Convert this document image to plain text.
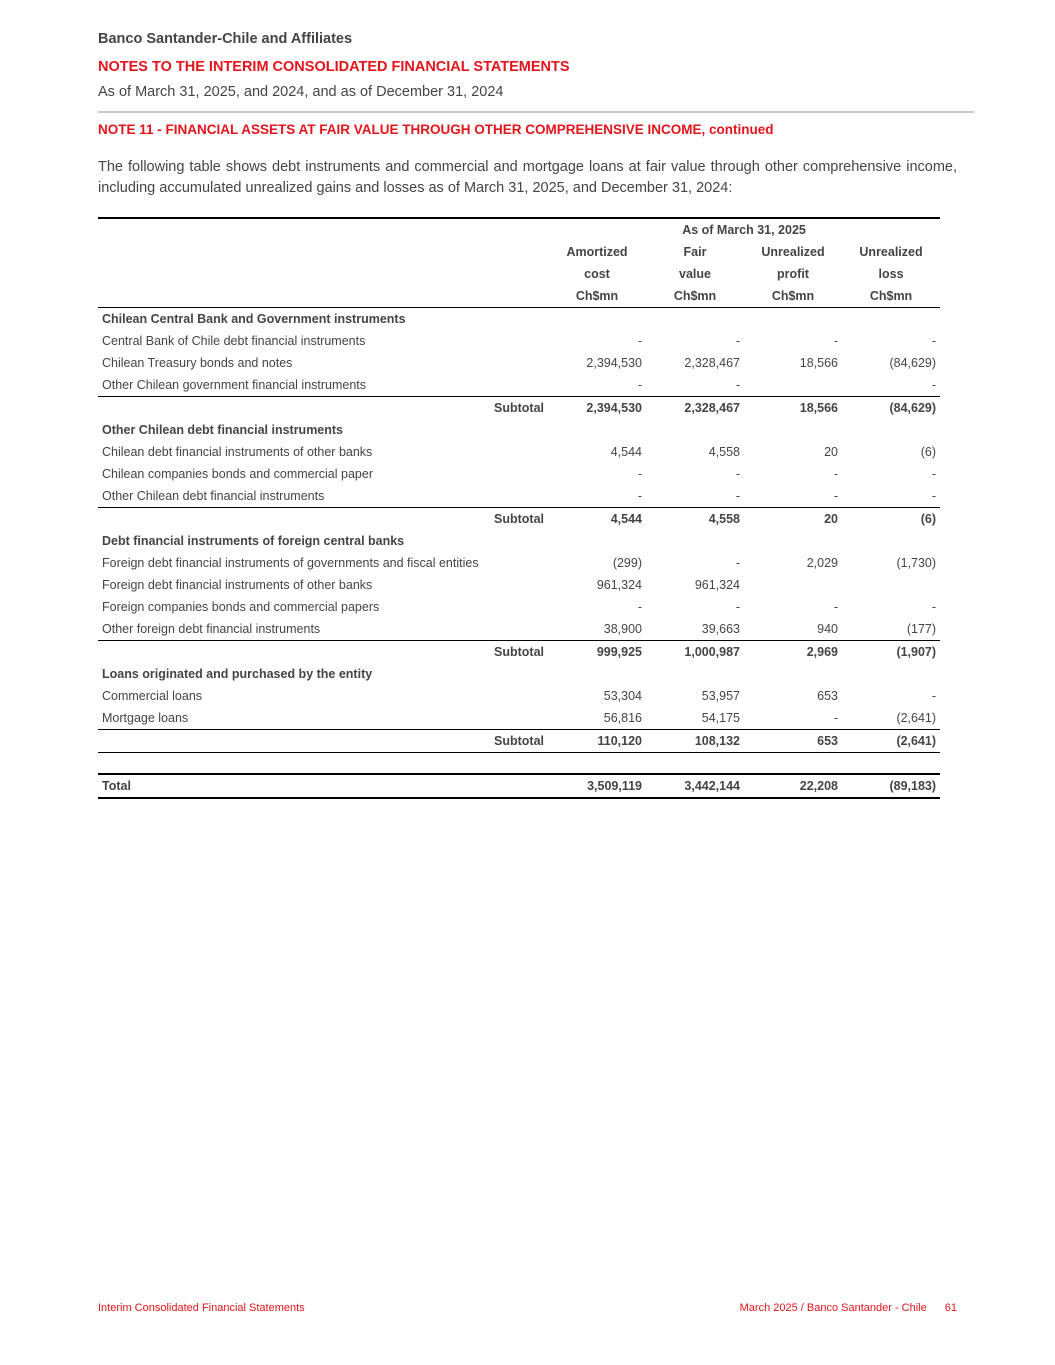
Banco Santander-Chile and Affiliates
NOTES TO THE INTERIM CONSOLIDATED FINANCIAL STATEMENTS
As of March 31, 2025, and 2024, and as of December 31, 2024
NOTE 11 - FINANCIAL ASSETS AT FAIR VALUE THROUGH OTHER COMPREHENSIVE INCOME, continued
The following table shows debt instruments and commercial and mortgage loans at fair value through other comprehensive income, including accumulated unrealized gains and losses as of March 31, 2025, and December 31, 2024:
	As of March 31, 2025			
	Amortized	Fair	Unrealized	Unrealized
	cost	value	profit	loss
	Ch$mn	Ch$mn	Ch$mn	Ch$mn
Chilean Central Bank and Government instruments				
Central Bank of Chile debt financial instruments	-	-	-	-
Chilean Treasury bonds and notes	2,394,530	2,328,467	18,566	(84,629)
Other Chilean government financial instruments	-	-		-
Subtotal	2,394,530	2,328,467	18,566	(84,629)
Other Chilean debt financial instruments				
Chilean debt financial instruments of other banks	4,544	4,558	20	(6)
Chilean companies bonds and commercial paper	-	-	-	-
Other Chilean debt financial instruments	-	-	-	-
Subtotal	4,544	4,558	20	(6)
Debt financial instruments of foreign central banks				
Foreign debt financial instruments of governments and fiscal entities	(299)	-	2,029	(1,730)
Foreign debt financial instruments of other banks	961,324	961,324		
Foreign companies bonds and commercial papers	-	-	-	-
Other foreign debt financial instruments	38,900	39,663	940	(177)
Subtotal	999,925	1,000,987	2,969	(1,907)
Loans originated and purchased by the entity				
Commercial loans	53,304	53,957	653	-
Mortgage loans	56,816	54,175	-	(2,641)
Subtotal	110,120	108,132	653	(2,641)

Total	3,509,119	3,442,144	22,208	(89,183)
Interim Consolidated Financial Statements	March 2025 / Banco Santander - Chile 61
